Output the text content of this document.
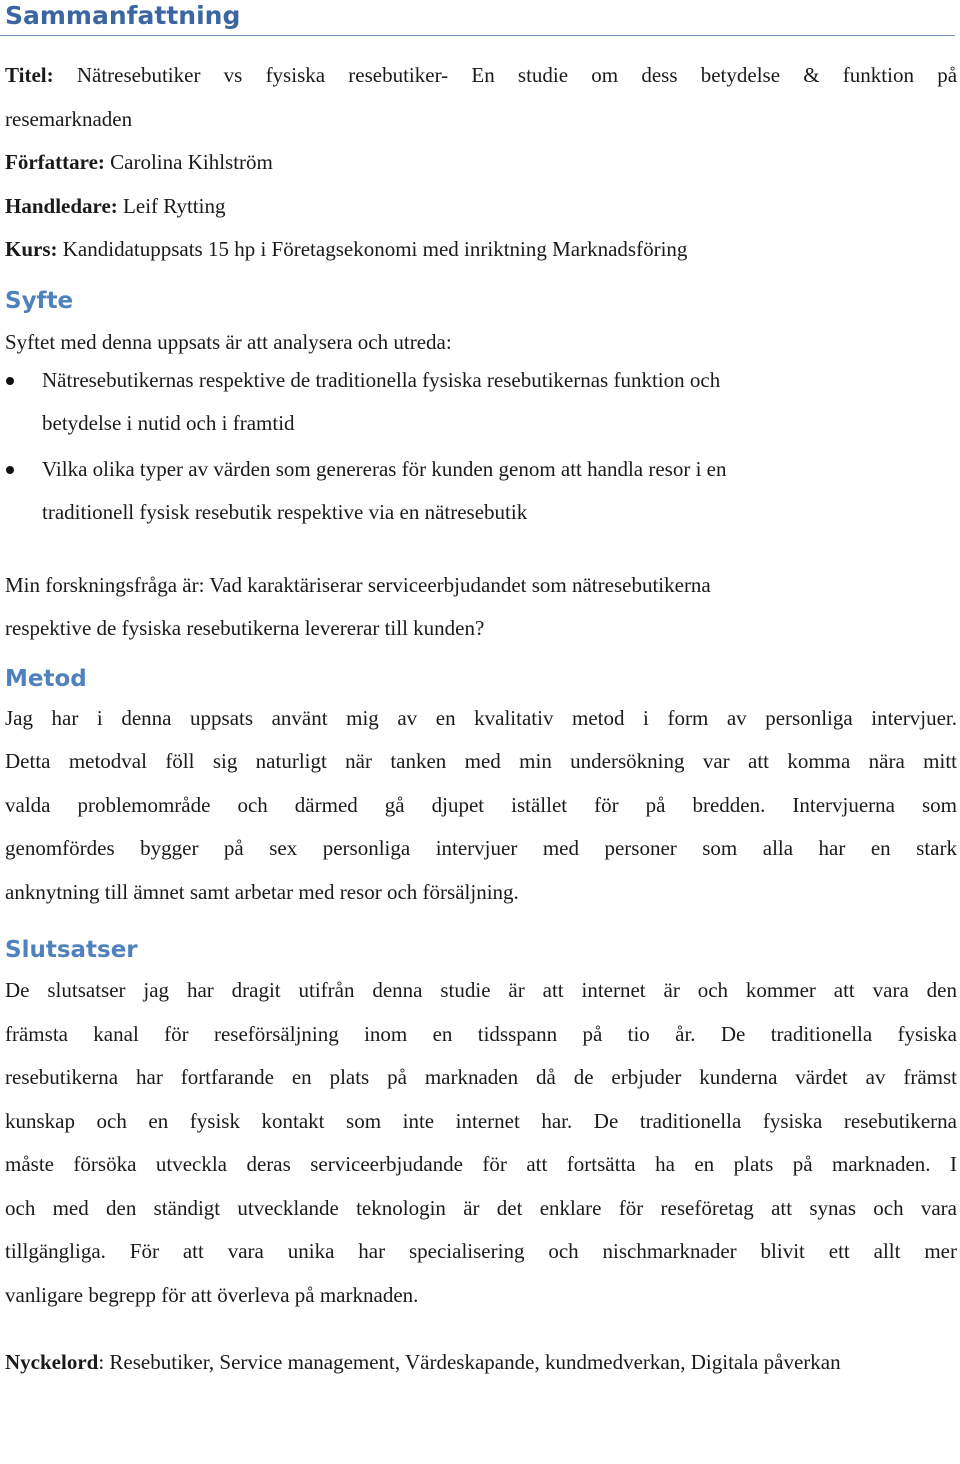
Sammanfattning

Titel: Nätresebutiker vs fysiska resebutiker- En studie om dess betydelse & funktion på

resemarknaden

Författare: Carolina Kihlström

Handledare: Leif Rytting

Kurs: Kandidatuppsats 15 hp i Företagsekonomi med inriktning Marknadsföring

Syfte

Syftet med denna uppsats är att analysera och utreda:

Nätresebutikernas respektive de traditionella fysiska resebutikernas funktion och
betydelse i nutid och i framtid
Vilka olika typer av värden som genereras för kunden genom att handla resor i en
traditionell fysisk resebutik respektive via en nätresebutik

Min forskningsfråga är: Vad karaktäriserar serviceerbjudandet som nätresebutikerna

respektive de fysiska resebutikerna levererar till kunden?

Metod

Jag har i denna uppsats använt mig av en kvalitativ metod i form av personliga intervjuer.

Detta metodval föll sig naturligt när tanken med min undersökning var att komma nära mitt

valda problemområde och därmed gå djupet istället för på bredden. Intervjuerna som

genomfördes bygger på sex personliga intervjuer med personer som alla har en stark

anknytning till ämnet samt arbetar med resor och försäljning.

Slutsatser

De slutsatser jag har dragit utifrån denna studie är att internet är och kommer att vara den

främsta kanal för reseförsäljning inom en tidsspann på tio år. De traditionella fysiska

resebutikerna har fortfarande en plats på marknaden då de erbjuder kunderna värdet av främst

kunskap och en fysisk kontakt som inte internet har. De traditionella fysiska resebutikerna

måste försöka utveckla deras serviceerbjudande för att fortsätta ha en plats på marknaden. I

och med den ständigt utvecklande teknologin är det enklare för reseföretag att synas och vara

tillgängliga. För att vara unika har specialisering och nischmarknader blivit ett allt mer

vanligare begrepp för att överleva på marknaden.

Nyckelord: Resebutiker, Service management, Värdeskapande, kundmedverkan, Digitala påverkan
